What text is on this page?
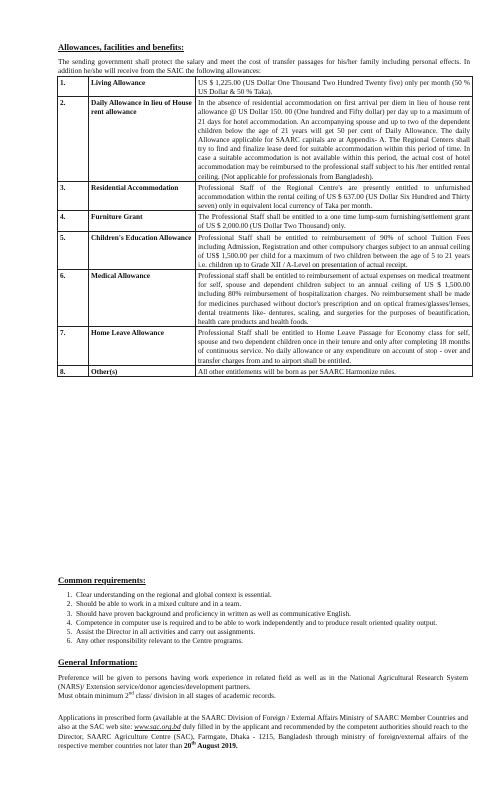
Allowances, facilities and benefits:
The sending government shall protect the salary and meet the cost of transfer passages for his/her family including personal effects. In addition he/she will receive from the SAIC the following allowances:
1.	Living Allowance	US $ 1,225.00 (US Dollar One Thousand Two Hundred Twenty five) only per month (50 % US Dollar & 50 % Taka).
2.	Daily Allowance in lieu of House rent allowance	In the absence of residential accommodation on first arrival per diem in lieu of house rent allowance @ US Dollar 150. 00 (One hundred and Fifty dollar) per day up to a maximum of 21 days for hotel accommodation. An accompanying spouse and up to two of the dependent children below the age of 21 years will get 50 per cent of Daily Allowance. The daily Allowance applicable for SAARC capitals are at Appendix- A. The Regional Centers shall try to find and finalize lease deed for suitable accommodation within this period of time. In case a suitable accommodation is not available within this period, the actual cost of hotel accommodation may be reimbursed to the professional staff subject to his /her entitled rental ceiling. (Not applicable for professionals from Bangladesh).
3.	Residential Accommodation	Professional Staff of the Regional Centre's are presently entitled to unfurnished accommodation within the rental ceiling of US $ 637.00 (US Dollar Six Hundred and Thirty seven) only in equivalent local currency of Taka per month.
4.	Furniture Grant	The Professional Staff shall be entitled to a one time lump-sum furnishing/settlement grant of US $ 2,000.00 (US Dollar Two Thousand) only.
5.	Children's Education Allowance	Professional Staff shall be entitled to reimbursement of 90% of school Tuition Fees including Admission, Registration and other compulsory charges subject to an annual ceiling of US$ 1,500.00 per child for a maximum of two children between the age of 5 to 21 years i.e. children up to Grade XII / A-Level on presentation of actual receipt.
6.	Medical Allowance	Professional staff shall be entitled to reimbursement of actual expenses on medical treatment for self, spouse and dependent children subject to an annual ceiling of US $ 1,500.00 including 80% reimbursement of hospitalization charges. No reimbursement shall be made for medicines purchased without doctor's prescription and on optical frames/glasses/lenses, dental treatments like- dentures, scaling, and surgeries for the purposes of beautification, health care products and health foods.
7.	Home Leave Allowance	Professional Staff shall be entitled to Home Leave Passage for Economy class for self, spouse and two dependent children once in their tenure and only after completing 18 months of continuous service. No daily allowance or any expenditure on account of stop - over and transfer charges from and to airport shall be entitled.
8.	Other(s)	All other entitlements will be born as per SAARC Harmonize rules.
Common requirements:
1. Clear understanding on the regional and global context is essential.
2. Should be able to work in a mixed culture and in a team.
3. Should have proven background and proficiency in written as well as communicative English.
4. Competence in computer use is required and to be able to work independently and to produce result oriented quality output.
5. Assist the Director in all activities and carry out assignments.
6. Any other responsibility relevant to the Centre programs.
General Information:
Preference will be given to persons having work experience in related field as well as in the National Agricultural Research System (NARS)/ Extension service/donor agencies/development partners.
Must obtain minimum 2nd class/ division in all stages of academic records.
Applications in prescribed form (available at the SAARC Division of Foreign / External Affairs Ministry of SAARC Member Countries and also at the SAC web site: www.sac.org.bd duly filled in by the applicant and recommended by the competent authorities should reach to the Director, SAARC Agriculture Centre (SAC), Farmgate, Dhaka - 1215, Bangladesh through ministry of foreign/external affairs of the respective member countries not later than 20th August 2019.
